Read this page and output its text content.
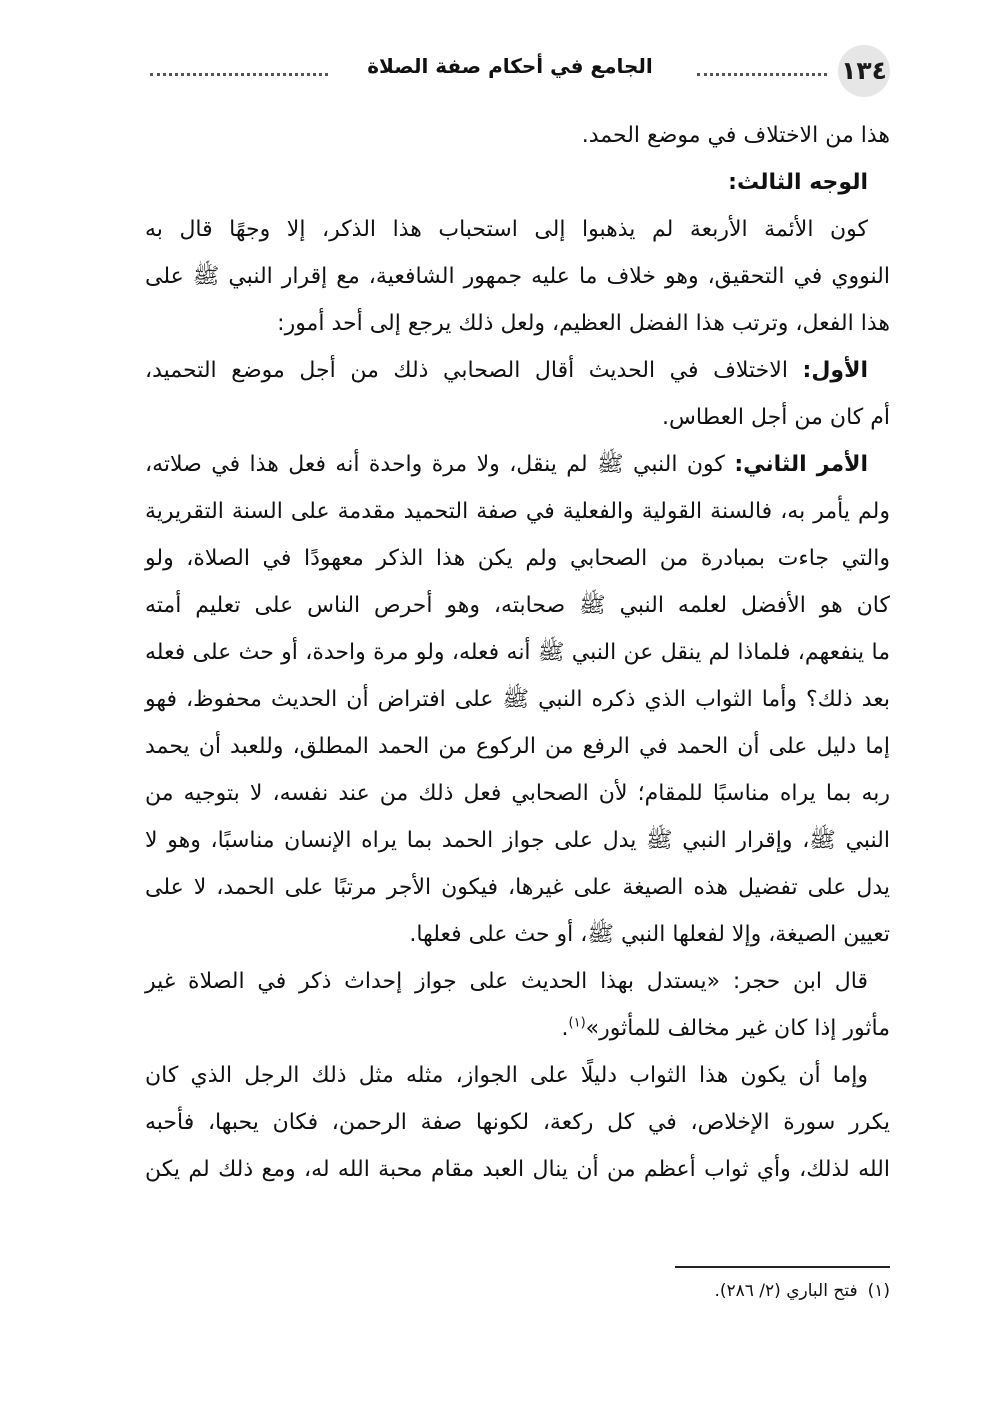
١٣٤
الجامع في أحكام صفة الصلاة
هذا من الاختلاف في موضع الحمد.
الوجه الثالث:
كون الأئمة الأربعة لم يذهبوا إلى استحباب هذا الذكر، إلا وجهًا قال به
النووي في التحقيق، وهو خلاف ما عليه جمهور الشافعية، مع إقرار النبي ﷺ على
هذا الفعل، وترتب هذا الفضل العظيم، ولعل ذلك يرجع إلى أحد أمور:
الأول: الاختلاف في الحديث أقال الصحابي ذلك من أجل موضع التحميد،
أم كان من أجل العطاس.
الأمر الثاني: كون النبي ﷺ لم ينقل، ولا مرة واحدة أنه فعل هذا في صلاته،
ولم يأمر به، فالسنة القولية والفعلية في صفة التحميد مقدمة على السنة التقريرية
والتي جاءت بمبادرة من الصحابي ولم يكن هذا الذكر معهودًا في الصلاة، ولو
كان هو الأفضل لعلمه النبي ﷺ صحابته، وهو أحرص الناس على تعليم أمته
ما ينفعهم، فلماذا لم ينقل عن النبي ﷺ أنه فعله، ولو مرة واحدة، أو حث على فعله
بعد ذلك؟ وأما الثواب الذي ذكره النبي ﷺ على افتراض أن الحديث محفوظ، فهو
إما دليل على أن الحمد في الرفع من الركوع من الحمد المطلق، وللعبد أن يحمد
ربه بما يراه مناسبًا للمقام؛ لأن الصحابي فعل ذلك من عند نفسه، لا بتوجيه من
النبي ﷺ، وإقرار النبي ﷺ يدل على جواز الحمد بما يراه الإنسان مناسبًا، وهو لا
يدل على تفضيل هذه الصيغة على غيرها، فيكون الأجر مرتبًا على الحمد، لا على
تعيين الصيغة، وإلا لفعلها النبي ﷺ، أو حث على فعلها.
قال ابن حجر: «يستدل بهذا الحديث على جواز إحداث ذكر في الصلاة غير
مأثور إذا كان غير مخالف للمأثور»$^{(١)}$.
وإما أن يكون هذا الثواب دليلًا على الجواز، مثله مثل ذلك الرجل الذي كان
يكرر سورة الإخلاص، في كل ركعة، لكونها صفة الرحمن، فكان يحبها، فأحبه
الله لذلك، وأي ثواب أعظم من أن ينال العبد مقام محبة الله له، ومع ذلك لم يكن
(١)فتح الباري (٢/ ٢٨٦).
